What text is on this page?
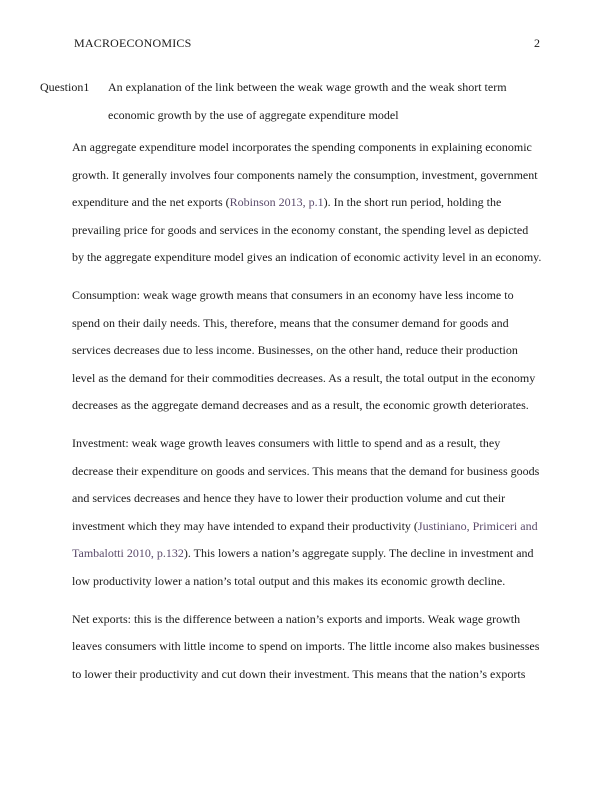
MACROECONOMICS	2
Question1 An explanation of the link between the weak wage growth and the weak short term economic growth by the use of aggregate expenditure model

An aggregate expenditure model incorporates the spending components in explaining economic growth. It generally involves four components namely the consumption, investment, government expenditure and the net exports (Robinson 2013, p.1). In the short run period, holding the prevailing price for goods and services in the economy constant, the spending level as depicted by the aggregate expenditure model gives an indication of economic activity level in an economy.

Consumption: weak wage growth means that consumers in an economy have less income to spend on their daily needs. This, therefore, means that the consumer demand for goods and services decreases due to less income. Businesses, on the other hand, reduce their production level as the demand for their commodities decreases. As a result, the total output in the economy decreases as the aggregate demand decreases and as a result, the economic growth deteriorates.

Investment: weak wage growth leaves consumers with little to spend and as a result, they decrease their expenditure on goods and services. This means that the demand for business goods and services decreases and hence they have to lower their production volume and cut their investment which they may have intended to expand their productivity (Justiniano, Primiceri and Tambalotti 2010, p.132). This lowers a nation’s aggregate supply. The decline in investment and low productivity lower a nation’s total output and this makes its economic growth decline.

Net exports: this is the difference between a nation’s exports and imports. Weak wage growth leaves consumers with little income to spend on imports. The little income also makes businesses to lower their productivity and cut down their investment. This means that the nation’s exports
